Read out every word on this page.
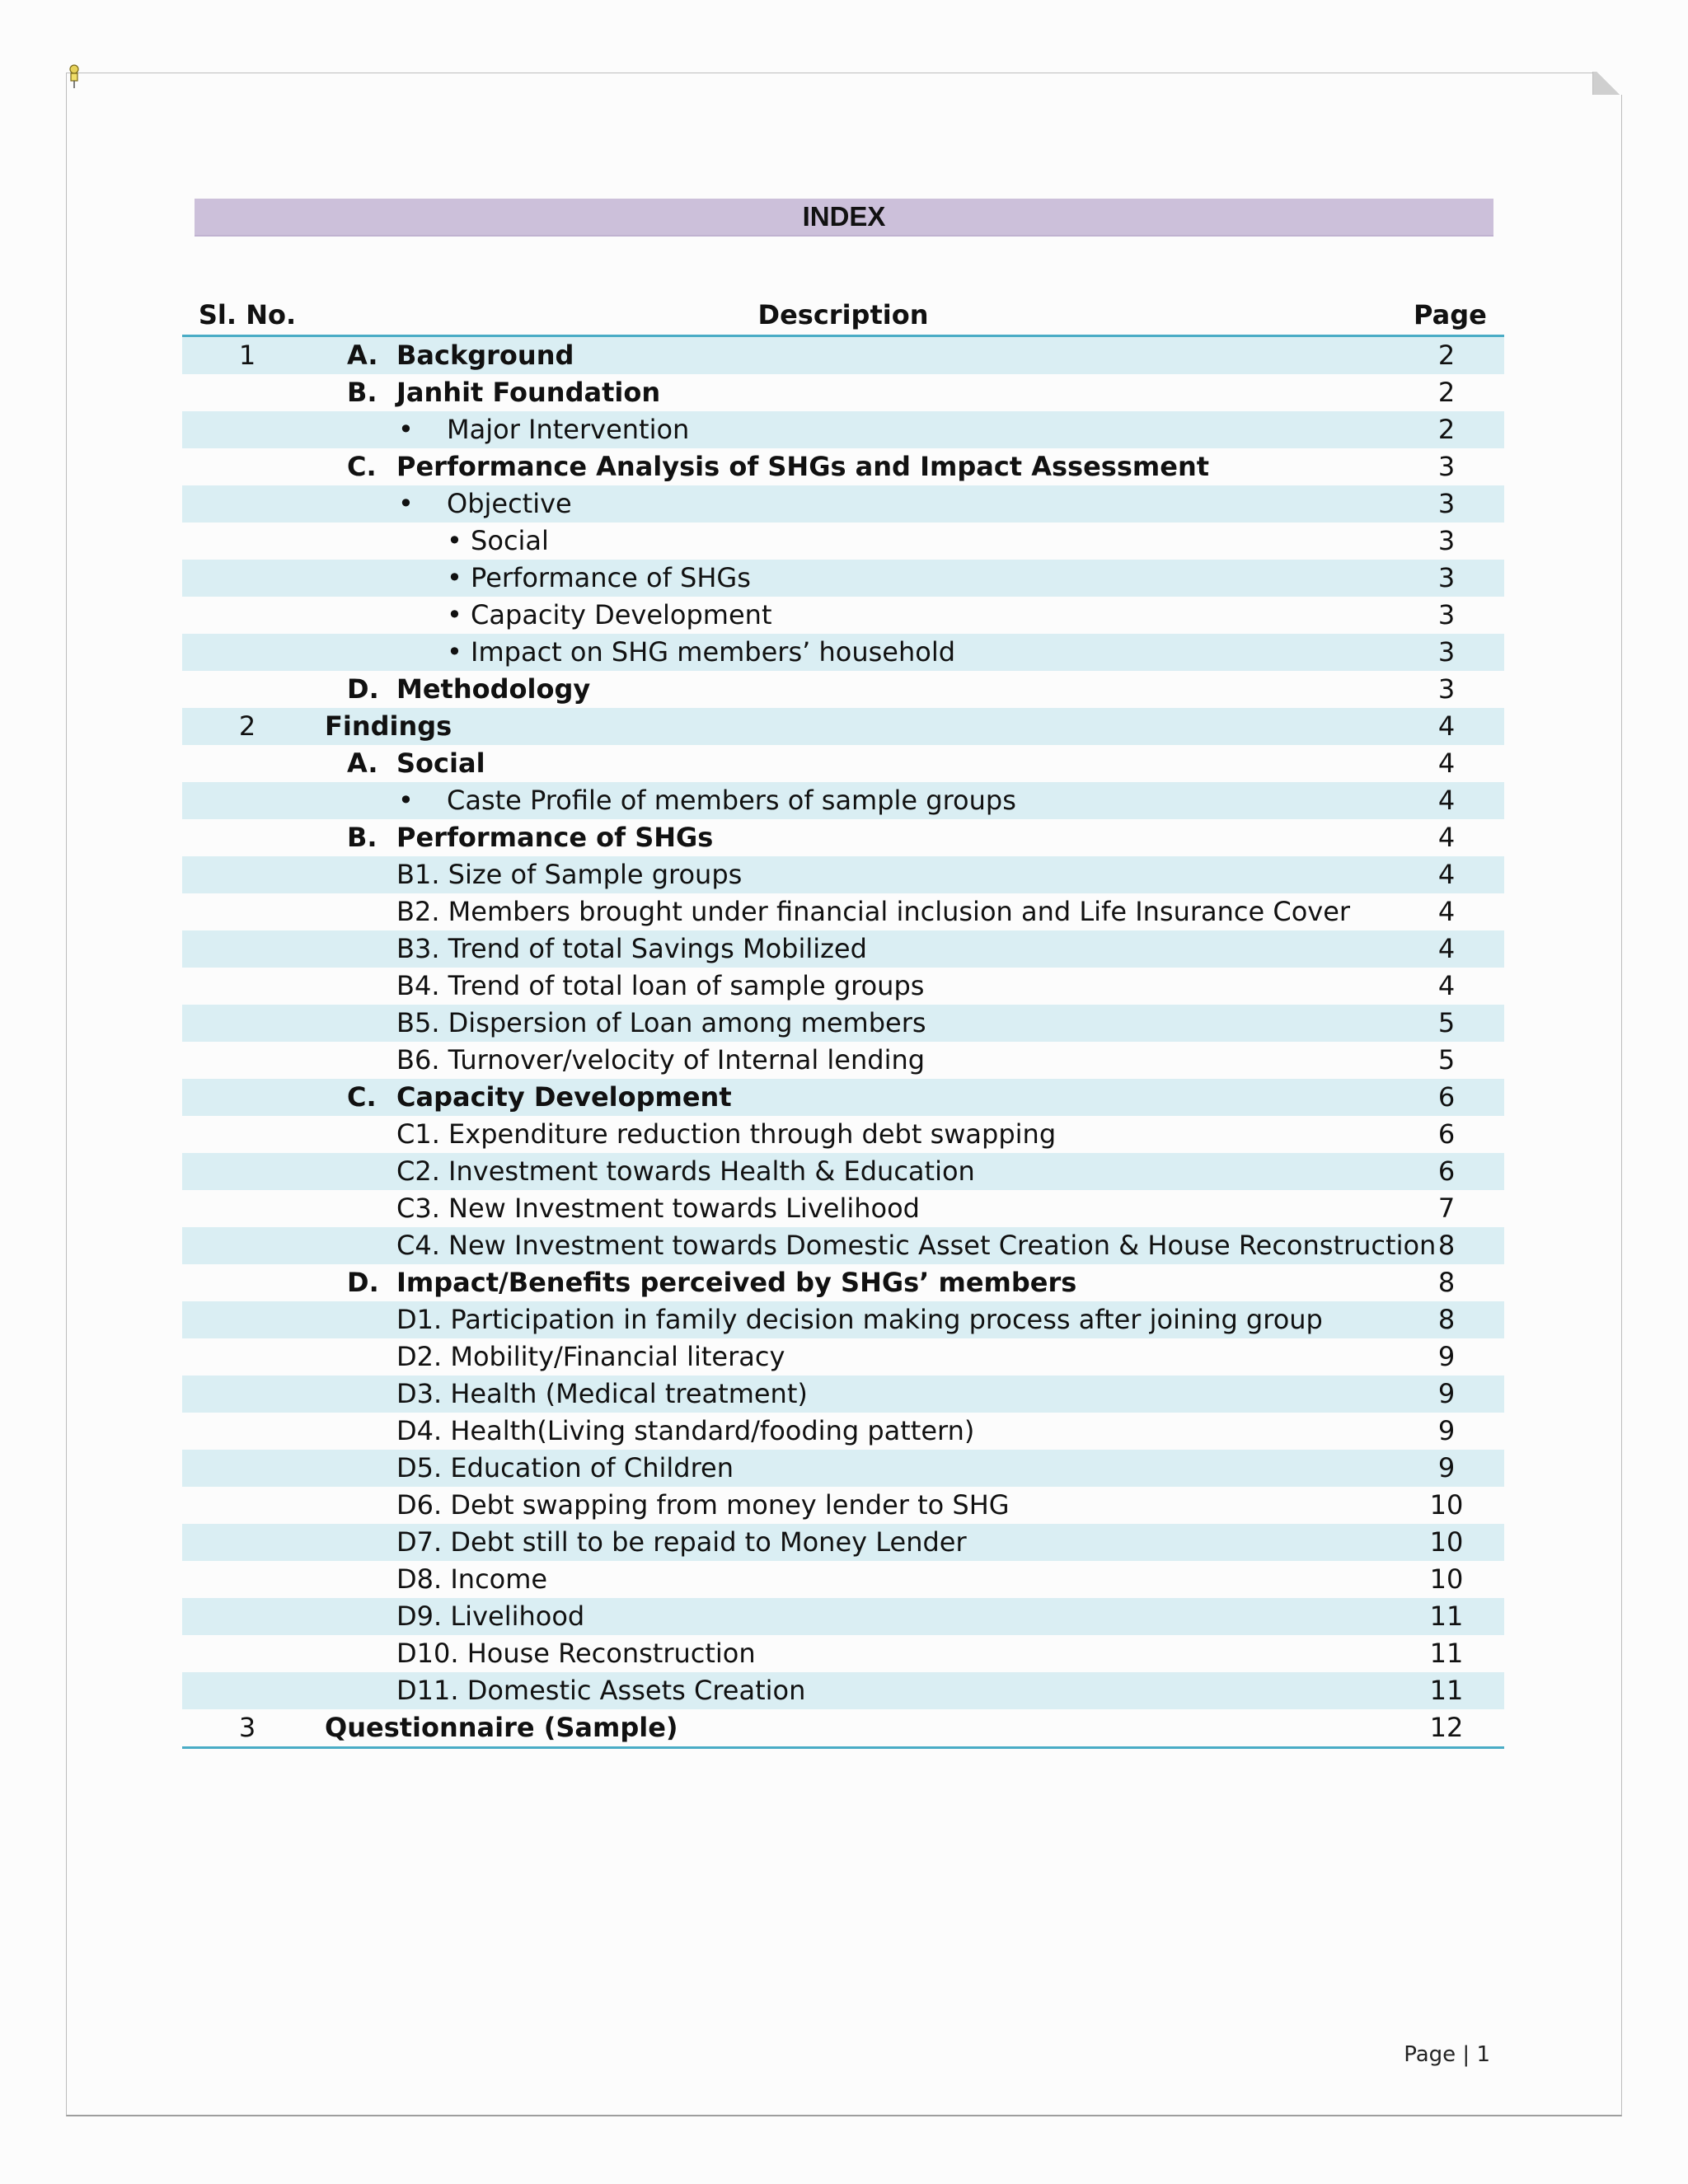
INDEX
Sl. No.	Description	Page
1	A. Background	2
B. Janhit Foundation	2
• Major Intervention	2
C. Performance Analysis of SHGs and Impact Assessment	3
• Objective	3
• Social	3
• Performance of SHGs	3
• Capacity Development	3
• Impact on SHG members’ household	3
D. Methodology	3
2	Findings	4
A. Social	4
• Caste Profile of members of sample groups	4
B. Performance of SHGs	4
B1. Size of Sample groups	4
B2. Members brought under financial inclusion and Life Insurance Cover	4
B3. Trend of total Savings Mobilized	4
B4. Trend of total loan of sample groups	4
B5. Dispersion of Loan among members	5
B6. Turnover/velocity of Internal lending	5
C. Capacity Development	6
C1. Expenditure reduction through debt swapping	6
C2. Investment towards Health & Education	6
C3. New Investment towards Livelihood	7
C4. New Investment towards Domestic Asset Creation & House Reconstruction 8
D. Impact/Benefits perceived by SHGs’ members	8
D1. Participation in family decision making process after joining group	8
D2. Mobility/Financial literacy	9
D3. Health (Medical treatment)	9
D4. Health(Living standard/fooding pattern)	9
D5. Education of Children	9
D6. Debt swapping from money lender to SHG	10
D7. Debt still to be repaid to Money Lender	10
D8. Income	10
D9. Livelihood	11
D10. House Reconstruction	11
D11. Domestic Assets Creation	11
3	Questionnaire (Sample)	12
Page | 1
